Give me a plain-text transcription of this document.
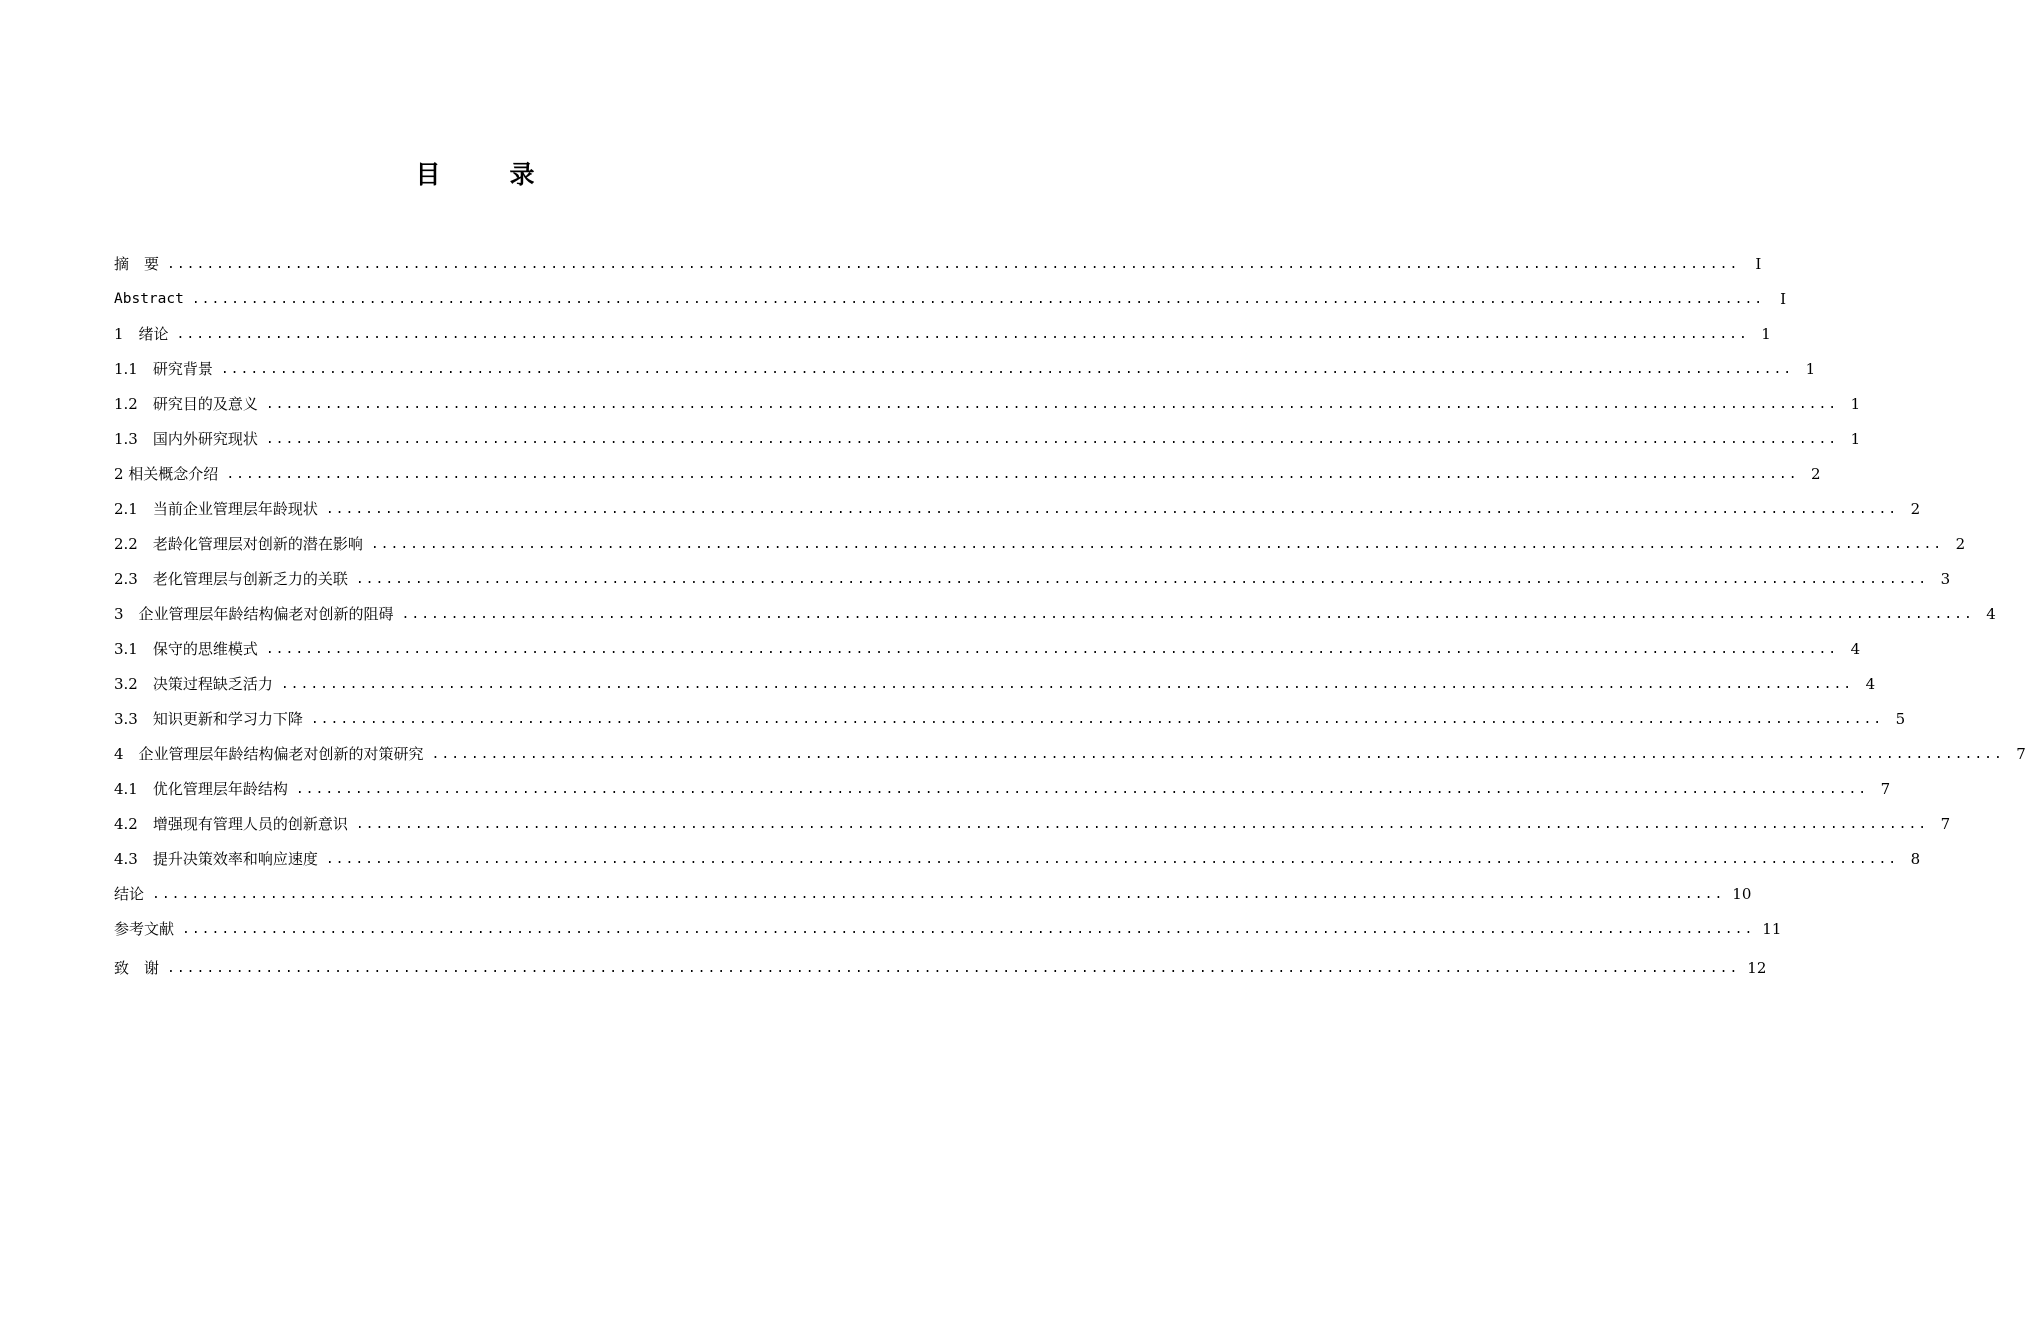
目　录
摘　要 ................................................................................................................................................................	I
Abstract ................................................................................................................................................................	I
1　绪论 ................................................................................................................................................................ 1
1.1　研究背景 ................................................................................................................................................................ 1
1.2　研究目的及意义 ................................................................................................................................................................ 1
1.3　国内外研究现状 ................................................................................................................................................................ 1
2 相关概念介绍 ................................................................................................................................................................ 2
2.1　当前企业管理层年龄现状 ................................................................................................................................................................ 2
2.2　老龄化管理层对创新的潜在影响 ................................................................................................................................................................ 2
2.3　老化管理层与创新乏力的关联 ................................................................................................................................................................ 3
3　企业管理层年龄结构偏老对创新的阻碍 ................................................................................................................................................................ 4
3.1　保守的思维模式 ................................................................................................................................................................ 4
3.2　决策过程缺乏活力 ................................................................................................................................................................ 4
3.3　知识更新和学习力下降 ................................................................................................................................................................ 5
4　企业管理层年龄结构偏老对创新的对策研究 ................................................................................................................................................................ 7
4.1　优化管理层年龄结构 ................................................................................................................................................................ 7
4.2　增强现有管理人员的创新意识 ................................................................................................................................................................ 7
4.3　提升决策效率和响应速度 ................................................................................................................................................................ 8
结论 ................................................................................................................................................................ 10
参考文献 ................................................................................................................................................................ 11
致　谢 ................................................................................................................................................................ 12
